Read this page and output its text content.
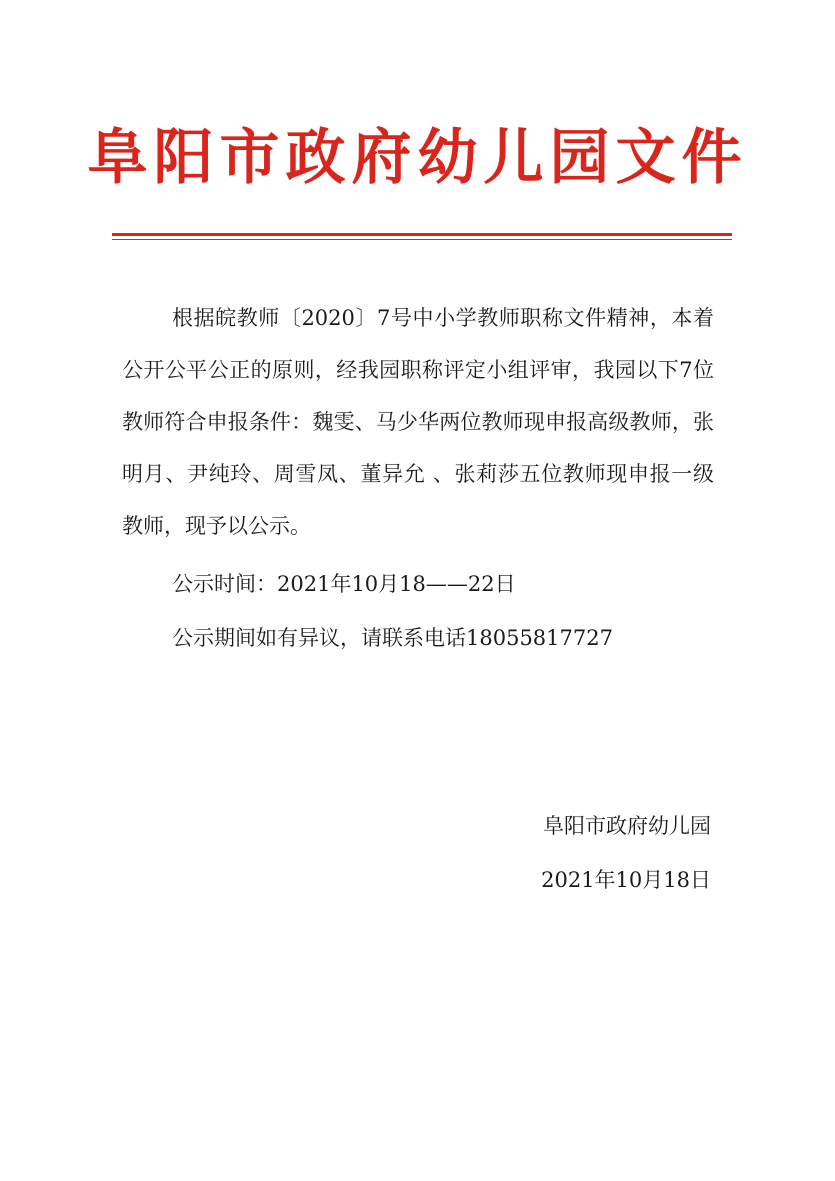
阜阳市政府幼儿园文件

根据皖教师〔2020〕7号中小学教师职称文件精神，本着公开公平公正的原则，经我园职称评定小组评审，我园以下7位教师符合申报条件：魏雯、马少华两位教师现申报高级教师，张明月、尹纯玲、周雪凤、董异允 、张莉莎五位教师现申报一级教师，现予以公示。

公示时间：2021年10月18——22日

公示期间如有异议，请联系电话18055817727

阜阳市政府幼儿园

2021年10月18日
